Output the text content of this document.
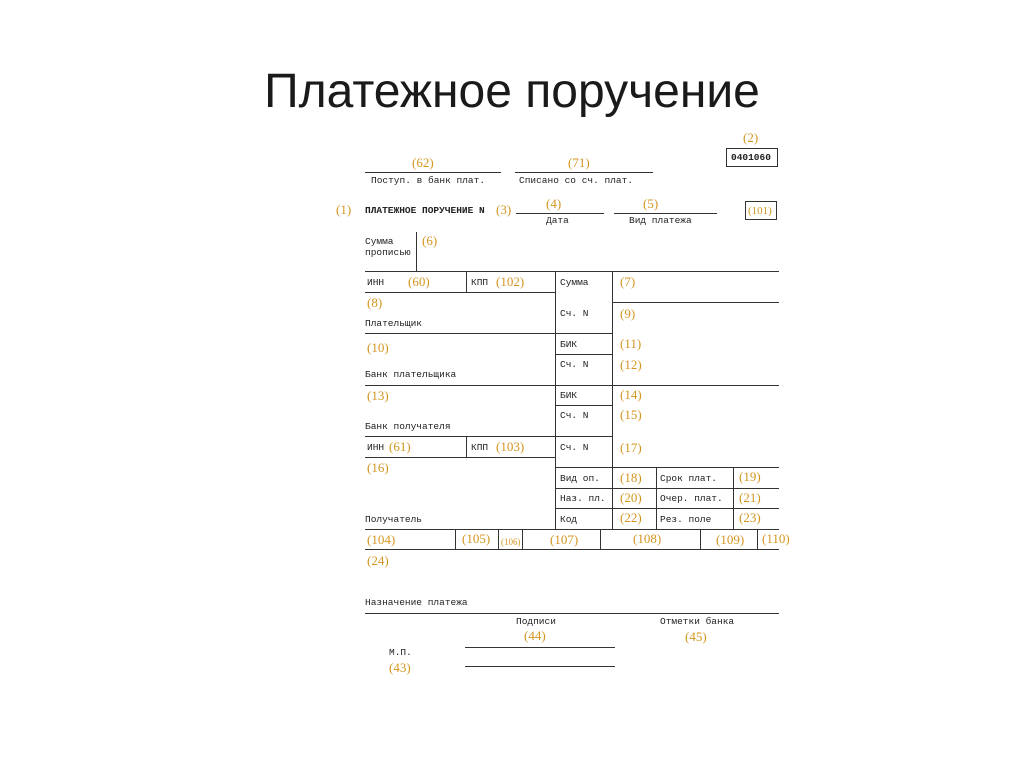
Платежное поручение
(2)
0401060
(62)
Поступ. в банк плат.
(71)
Списано со сч. плат.
(1) ПЛАТЕЖНОЕ ПОРУЧЕНИЕ N (3)	(4)
Дата
(5)
Вид платежа
(101)
Сумма
прописью
(6)
ИНН (60)	КПП (102)	Сумма (7)
(8)
Сч. N (9)
Плательщик
(10)	БИК	(11)
Сч. N (12)
Банк плательщика
(13)	БИК	(14)
Сч. N (15)
Банк получателя
ИНН (61)	КПП (103)	Сч. N (17)
(16)
Вид оп. (18) Срок плат. (19)
Наз. пл. (20) Очер. плат. (21)
Получатель	Код	(22) Рез. поле (23)
(104)	(105) (106) (107)	(108)	(109) (110)
(24)
Назначение платежа
Подписи	Отметки банка
(44)	(45)
М.П.
(43)
